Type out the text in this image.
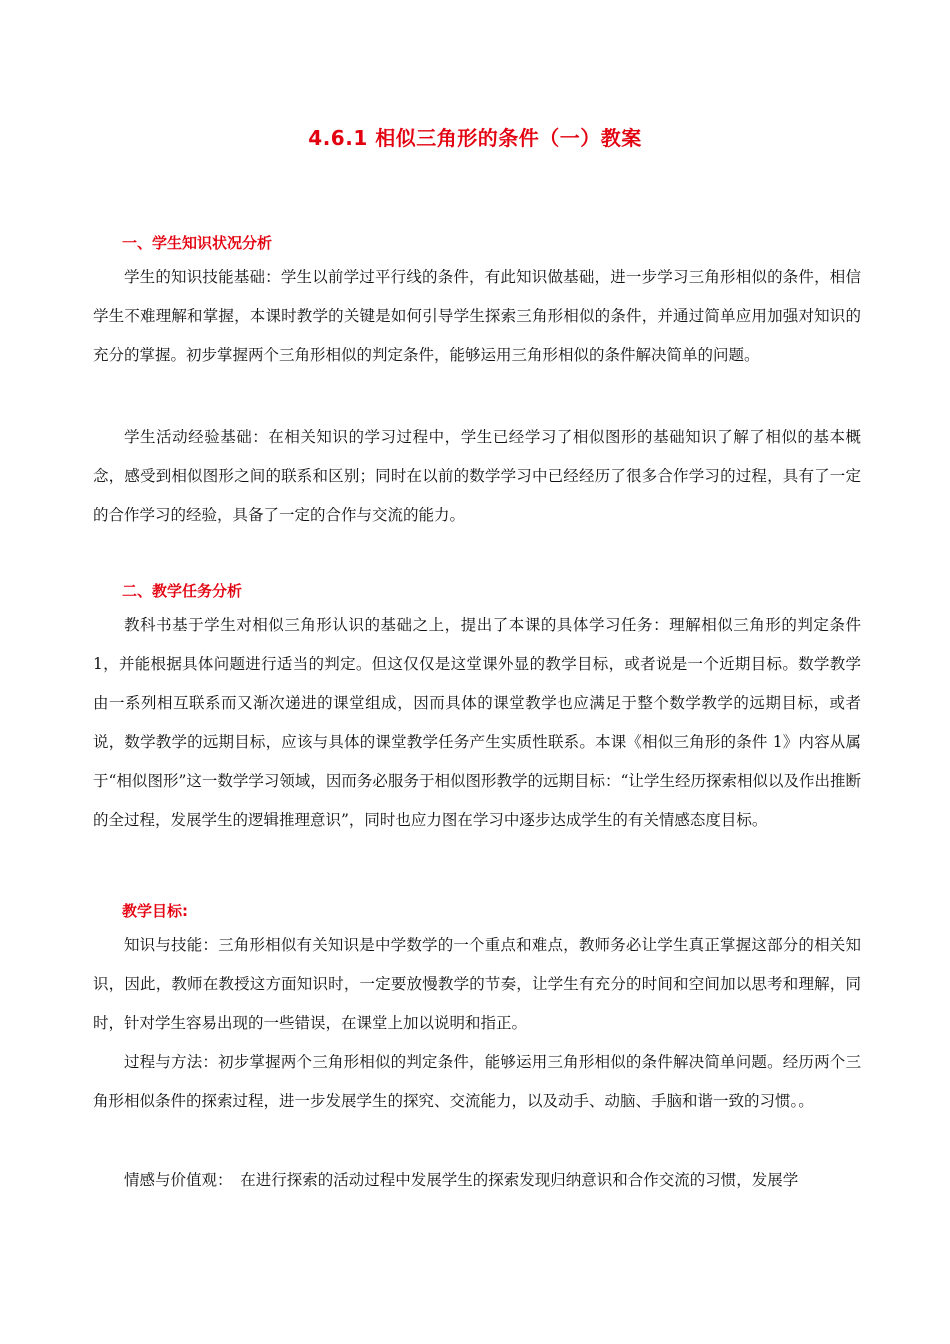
4.6.1 相似三角形的条件（一）教案
一、学生知识状况分析
学生的知识技能基础：学生以前学过平行线的条件，有此知识做基础，进一步学习三角形相似的条件，相信学生不难理解和掌握，本课时教学的关键是如何引导学生探索三角形相似的条件，并通过简单应用加强对知识的充分的掌握。初步掌握两个三角形相似的判定条件，能够运用三角形相似的条件解决简单的问题。
学生活动经验基础：在相关知识的学习过程中，学生已经学习了相似图形的基础知识了解了相似的基本概念，感受到相似图形之间的联系和区别；同时在以前的数学学习中已经经历了很多合作学习的过程，具有了一定的合作学习的经验，具备了一定的合作与交流的能力。
二、教学任务分析
教科书基于学生对相似三角形认识的基础之上，提出了本课的具体学习任务：理解相似三角形的判定条件 1，并能根据具体问题进行适当的判定。但这仅仅是这堂课外显的教学目标，或者说是一个近期目标。数学教学由一系列相互联系而又渐次递进的课堂组成，因而具体的课堂教学也应满足于整个数学教学的远期目标，或者说，数学教学的远期目标，应该与具体的课堂教学任务产生实质性联系。本课《相似三角形的条件 1》内容从属于“相似图形”这一数学学习领域，因而务必服务于相似图形教学的远期目标：“让学生经历探索相似以及作出推断的全过程，发展学生的逻辑推理意识”，同时也应力图在学习中逐步达成学生的有关情感态度目标。
教学目标:
知识与技能：三角形相似有关知识是中学数学的一个重点和难点，教师务必让学生真正掌握这部分的相关知识，因此，教师在教授这方面知识时，一定要放慢教学的节奏，让学生有充分的时间和空间加以思考和理解，同时，针对学生容易出现的一些错误，在课堂上加以说明和指正。
过程与方法：初步掌握两个三角形相似的判定条件，能够运用三角形相似的条件解决简单问题。经历两个三角形相似条件的探索过程，进一步发展学生的探究、交流能力，以及动手、动脑、手脑和谐一致的习惯。。
情感与价值观：　在进行探索的活动过程中发展学生的探索发现归纳意识和合作交流的习惯，发展学
